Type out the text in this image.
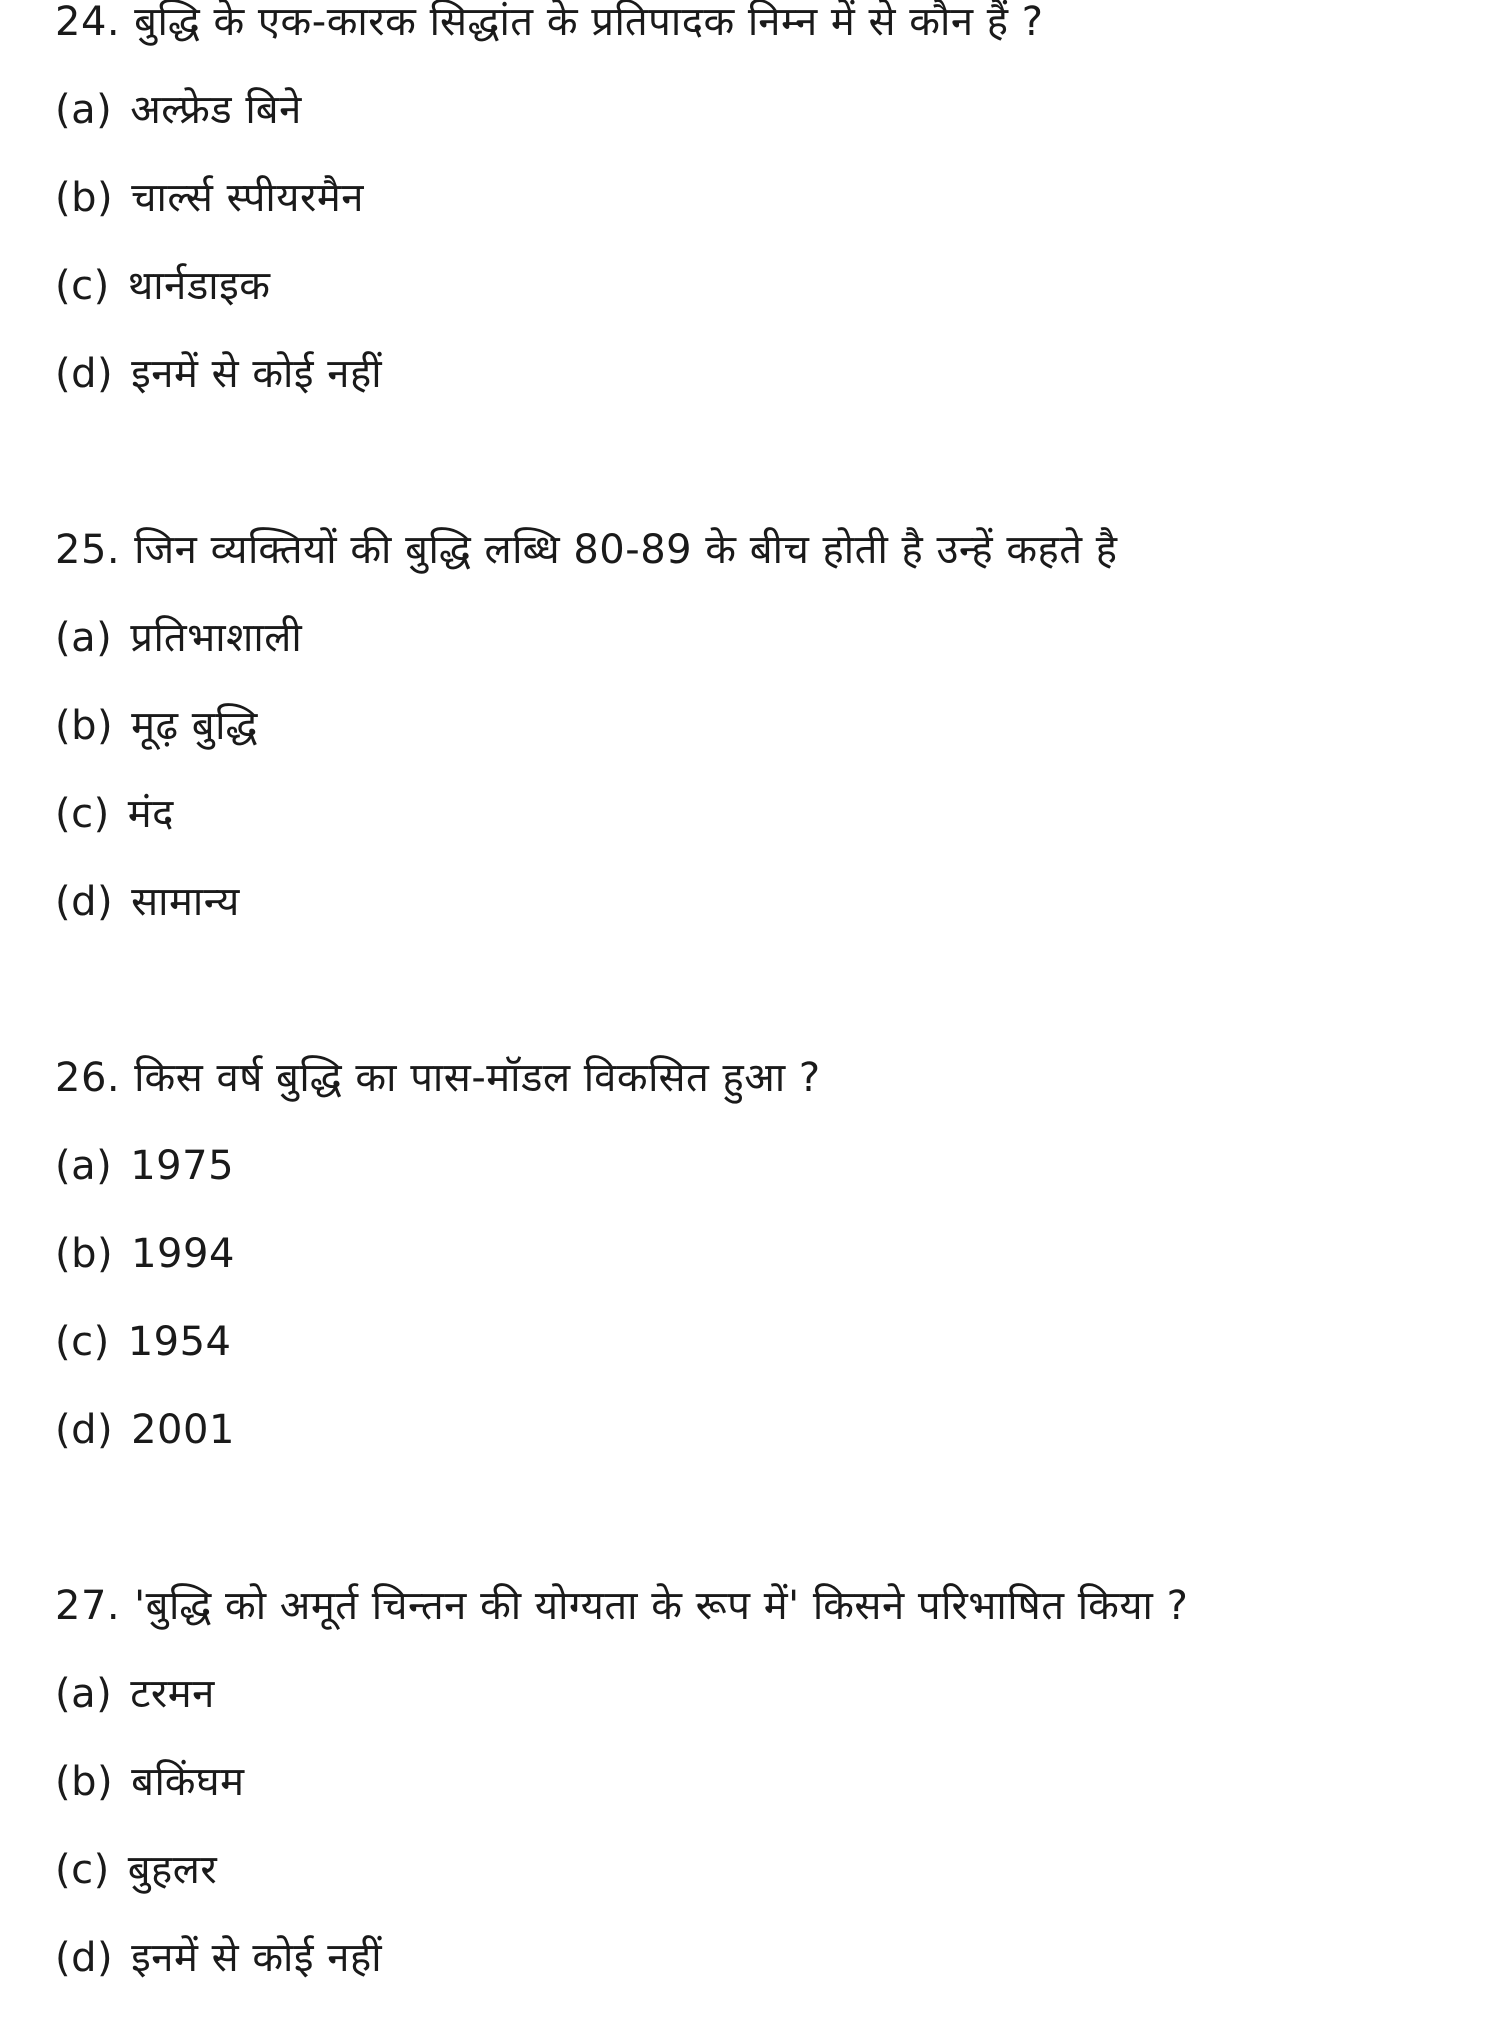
24. बुद्धि के एक-कारक सिद्धांत के प्रतिपादक निम्न में से कौन हैं ?
(a) अल्फ्रेड बिने
(b) चार्ल्स स्पीयरमैन
(c) थार्नडाइक
(d) इनमें से कोई नहीं
25. जिन व्यक्तियों की बुद्धि लब्धि 80-89 के बीच होती है उन्हें कहते है
(a) प्रतिभाशाली
(b) मूढ़ बुद्धि
(c) मंद
(d) सामान्य
26. किस वर्ष बुद्धि का पास-मॉडल विकसित हुआ ?
(a) 1975
(b) 1994
(c) 1954
(d) 2001
27. 'बुद्धि को अमूर्त चिन्तन की योग्यता के रूप में' किसने परिभाषित किया ?
(a) टरमन
(b) बकिंघम
(c) बुहलर
(d) इनमें से कोई नहीं
